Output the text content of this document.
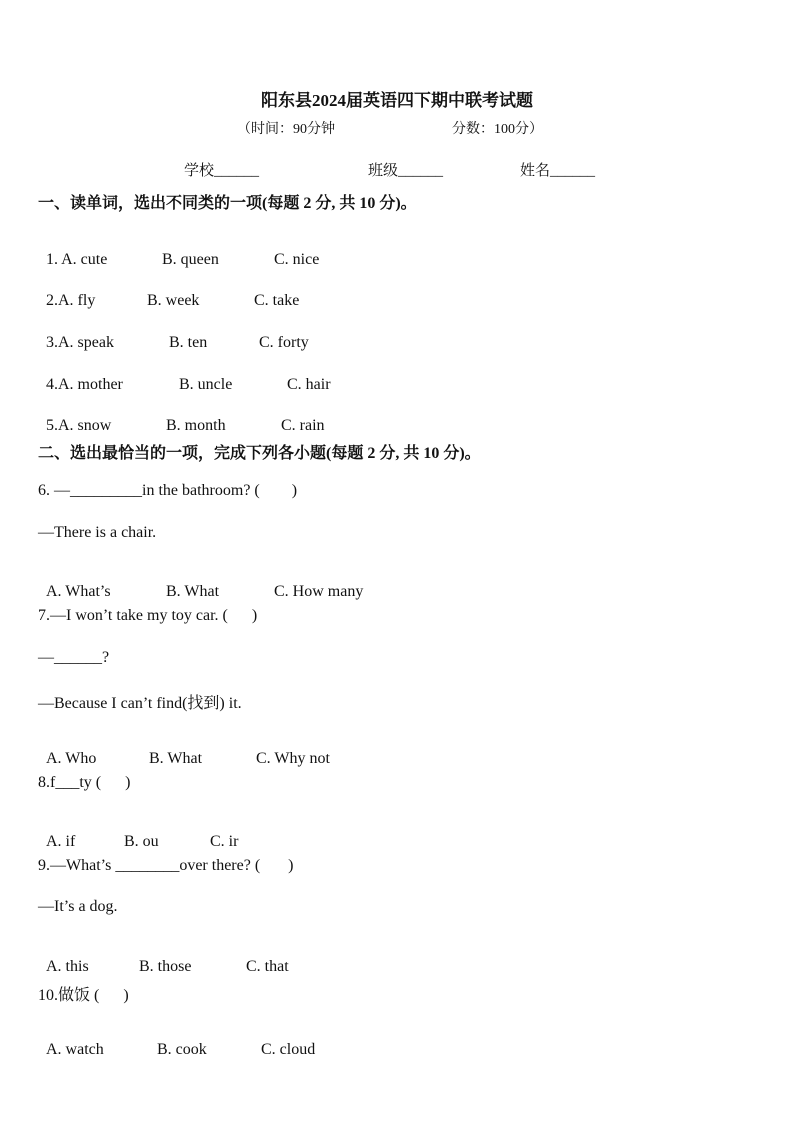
阳东县2024届英语四下期中联考试题
（时间：90分钟	分数：100分）
学校______	班级______	姓名______
一、读单词，选出不同类的一项(每题 2 分, 共 10 分)。

1. A. cute	B. queen	C. nice

2.A. fly	B. week	C. take

3.A. speak	B. ten	C. forty

4.A. mother	B. uncle	C. hair

5.A. snow	B. month	C. rain

二、选出最恰当的一项，完成下列各小题(每题 2 分, 共 10 分)。
6. —_________in the bathroom? (        )
—There is a chair.

A. What’s	B. What	C. How many

7.—I won’t take my toy car. (      )
—______?
—Because I can’t find(找到) it.

A. Who	B. What	C. Why not

8.f___ty (      )

A. if	B. ou	C. ir

9.—What’s ________over there? (       )
—It’s a dog.

A. this	B. those	C. that

10.做饭 (      )

A. watch	B. cook	C. cloud
